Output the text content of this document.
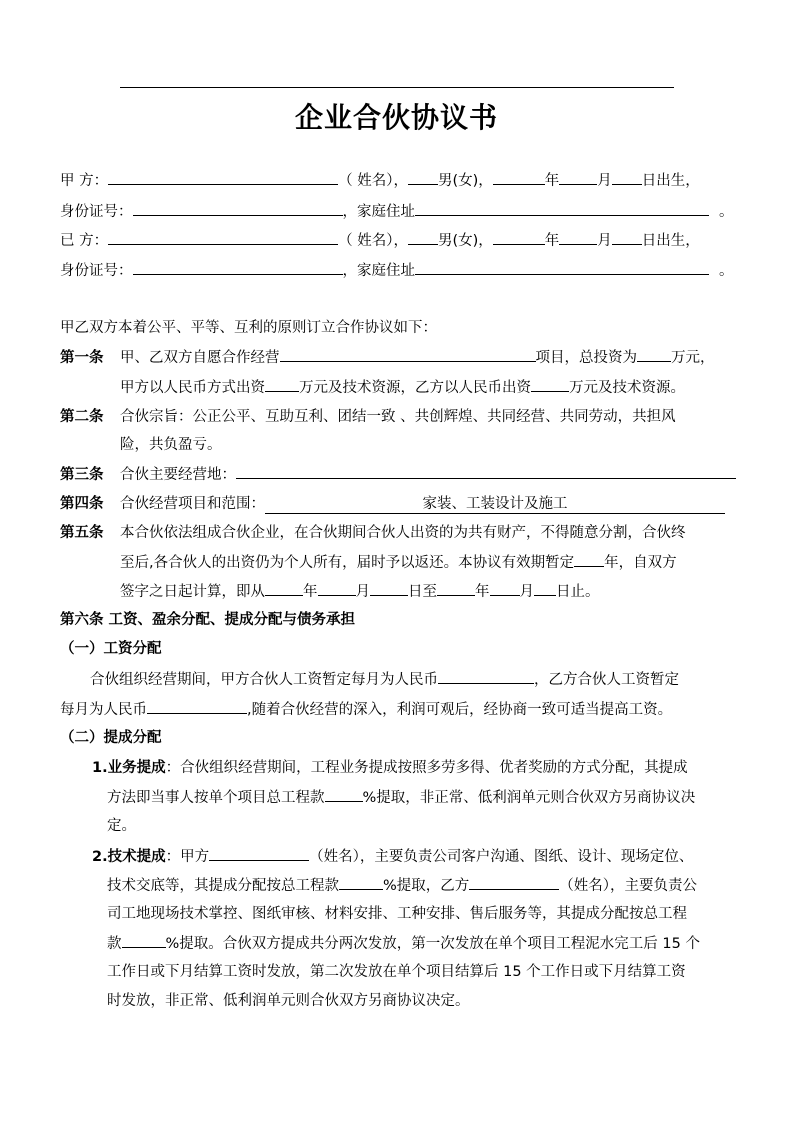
企业合伙协议书
甲 方：	（ 姓名）， 男(女)，	年	月 日出生，
身份证号：	，家庭住址	。
已 方：	（ 姓名）， 男(女)，	年	月 日出生，
身份证号：	，家庭住址	。
甲乙双方本着公平、平等、互利的原则订立合作协议如下：
第一条 甲、乙双方自愿合作经营	项目，总投资为 万元，
甲方以人民币方式出资 万元及技术资源，乙方以人民币出资	万元及技术资源。
第二条 合伙宗旨：公正公平、互助互利、团结一致 、共创辉煌、共同经营、共同劳动，共担风
险，共负盈亏。
第三条 合伙主要经营地：
第四条 合伙经营项目和范围：	家装、工装设计及施工
第五条 本合伙依法组成合伙企业，在合伙期间合伙人出资的为共有财产，不得随意分割，合伙终
至后,各合伙人的出资仍为个人所有，届时予以返还。本协议有效期暂定 年，自双方
签字之日起计算，即从	年	月	日至	年 月 日止。
第六条 工资、盈余分配、提成分配与债务承担
（一）工资分配
合伙组织经营期间，甲方合伙人工资暂定每月为人民币	，乙方合伙人工资暂定
每月为人民币	,随着合伙经营的深入，利润可观后，经协商一致可适当提高工资。
（二）提成分配
1.业务提成：合伙组织经营期间，工程业务提成按照多劳多得、优者奖励的方式分配，其提成
方法即当事人按单个项目总工程款	%提取，非正常、低利润单元则合伙双方另商协议决
定。
2.技术提成：甲方	（姓名），主要负责公司客户沟通、图纸、设计、现场定位、
技术交底等，其提成分配按总工程款	%提取，乙方	（姓名），主要负责公
司工地现场技术掌控、图纸审核、材料安排、工种安排、售后服务等，其提成分配按总工程
款	%提取。合伙双方提成共分两次发放，第一次发放在单个项目工程泥水完工后 15 个
工作日或下月结算工资时发放，第二次发放在单个项目结算后 15 个工作日或下月结算工资
时发放，非正常、低利润单元则合伙双方另商协议决定。
